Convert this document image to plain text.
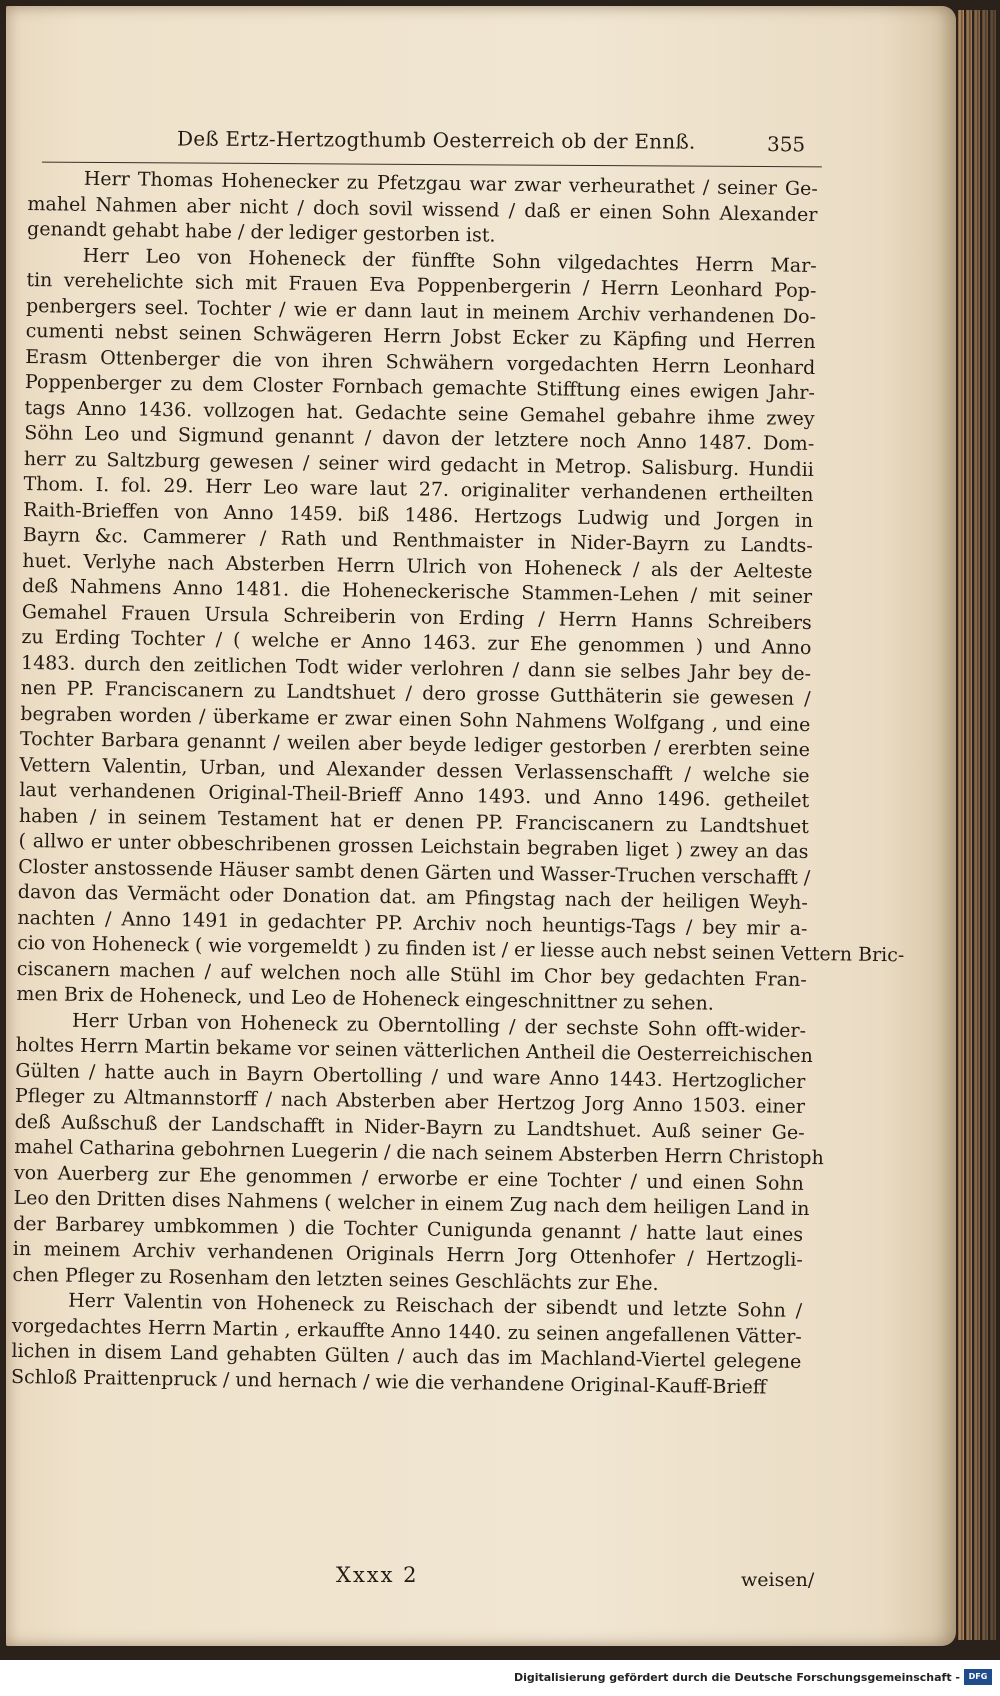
Deß Ertz-Hertzogthumb Oesterreich ob der Ennß.	355
Herr Thomas Hohenecker zu Pfetzgau war zwar verheurathet / seiner Ge-
mahel Nahmen aber nicht / doch sovil wissend / daß er einen Sohn Alexander
genandt gehabt habe / der lediger gestorben ist.
Herr Leo von Hoheneck der fünffte Sohn vilgedachtes Herrn Mar-
tin verehelichte sich mit Frauen Eva Poppenbergerin / Herrn Leonhard Pop-
penbergers seel. Tochter / wie er dann laut in meinem Archiv verhandenen Do-
cumenti nebst seinen Schwägeren Herrn Jobst Ecker zu Käpfing und Herren
Erasm Ottenberger die von ihren Schwähern vorgedachten Herrn Leonhard
Poppenberger zu dem Closter Fornbach gemachte Stifftung eines ewigen Jahr-
tags Anno 1436. vollzogen hat. Gedachte seine Gemahel gebahre ihme zwey
Söhn Leo und Sigmund genannt / davon der letztere noch Anno 1487. Dom-
herr zu Saltzburg gewesen / seiner wird gedacht in Metrop. Salisburg. Hundii
Thom. I. fol. 29. Herr Leo ware laut 27. originaliter verhandenen ertheilten
Raith-Brieffen von Anno 1459. biß 1486. Hertzogs Ludwig und Jorgen in
Bayrn &c. Cammerer / Rath und Renthmaister in Nider-Bayrn zu Landts-
huet. Verlyhe nach Absterben Herrn Ulrich von Hoheneck / als der Aelteste
deß Nahmens Anno 1481. die Hoheneckerische Stammen-Lehen / mit seiner
Gemahel Frauen Ursula Schreiberin von Erding / Herrn Hanns Schreibers
zu Erding Tochter / ( welche er Anno 1463. zur Ehe genommen ) und Anno
1483. durch den zeitlichen Todt wider verlohren / dann sie selbes Jahr bey de-
nen PP. Franciscanern zu Landtshuet / dero grosse Gutthäterin sie gewesen /
begraben worden / überkame er zwar einen Sohn Nahmens Wolfgang , und eine
Tochter Barbara genannt / weilen aber beyde lediger gestorben / ererbten seine
Vettern Valentin, Urban, und Alexander dessen Verlassenschafft / welche sie
laut verhandenen Original-Theil-Brieff Anno 1493. und Anno 1496. getheilet
haben / in seinem Testament hat er denen PP. Franciscanern zu Landtshuet
( allwo er unter obbeschribenen grossen Leichstain begraben liget ) zwey an das
Closter anstossende Häuser sambt denen Gärten und Wasser-Truchen verschafft /
davon das Vermächt oder Donation dat. am Pfingstag nach der heiligen Weyh-
nachten / Anno 1491 in gedachter PP. Archiv noch heuntigs-Tags / bey mir a-
cio von Hoheneck ( wie vorgemeldt ) zu finden ist / er liesse auch nebst seinen Vettern Bric-
ciscanern machen / auf welchen noch alle Stühl im Chor bey gedachten Fran-
men Brix de Hoheneck, und Leo de Hoheneck eingeschnittner zu sehen.
Herr Urban von Hoheneck zu Oberntolling / der sechste Sohn offt-wider-
holtes Herrn Martin bekame vor seinen vätterlichen Antheil die Oesterreichischen
Gülten / hatte auch in Bayrn Obertolling / und ware Anno 1443. Hertzoglicher
Pfleger zu Altmannstorff / nach Absterben aber Hertzog Jorg Anno 1503. einer
deß Außschuß der Landschafft in Nider-Bayrn zu Landtshuet. Auß seiner Ge-
mahel Catharina gebohrnen Luegerin / die nach seinem Absterben Herrn Christoph
von Auerberg zur Ehe genommen / erworbe er eine Tochter / und einen Sohn
Leo den Dritten dises Nahmens ( welcher in einem Zug nach dem heiligen Land in
der Barbarey umbkommen ) die Tochter Cunigunda genannt / hatte laut eines
in meinem Archiv verhandenen Originals Herrn Jorg Ottenhofer / Hertzogli-
chen Pfleger zu Rosenham den letzten seines Geschlächts zur Ehe.
Herr Valentin von Hoheneck zu Reischach der sibendt und letzte Sohn /
vorgedachtes Herrn Martin , erkauffte Anno 1440. zu seinen angefallenen Vätter-
lichen in disem Land gehabten Gülten / auch das im Machland-Viertel gelegene
Schloß Praittenpruck / und hernach / wie die verhandene Original-Kauff-Brieff
Xxxx 2	weisen/
Digitalisierung gefördert durch die Deutsche Forschungsgemeinschaft -	DFG
